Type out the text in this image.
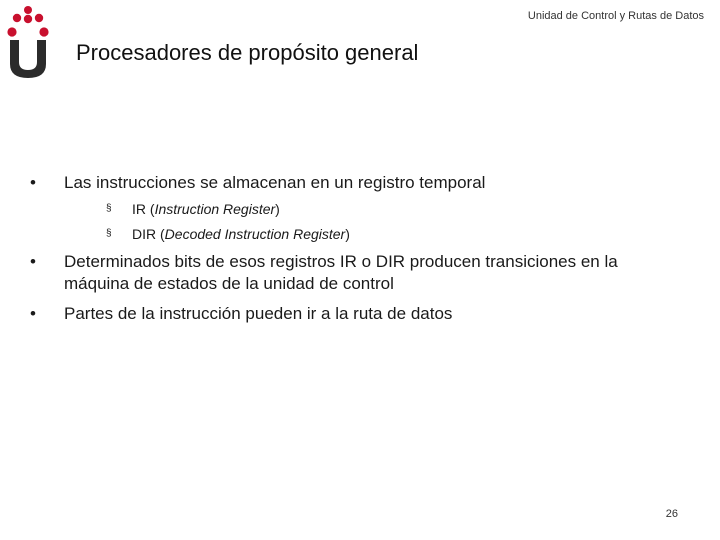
Unidad de Control y Rutas de Datos
Procesadores de propósito general
•	Las instrucciones se almacenan en un registro temporal
§ IR (Instruction Register)
§ DIR (Decoded Instruction Register)
•	Determinados bits de esos registros IR o DIR producen transiciones en la
máquina de estados de la unidad de control
•	Partes de la instrucción pueden ir a la ruta de datos
26
